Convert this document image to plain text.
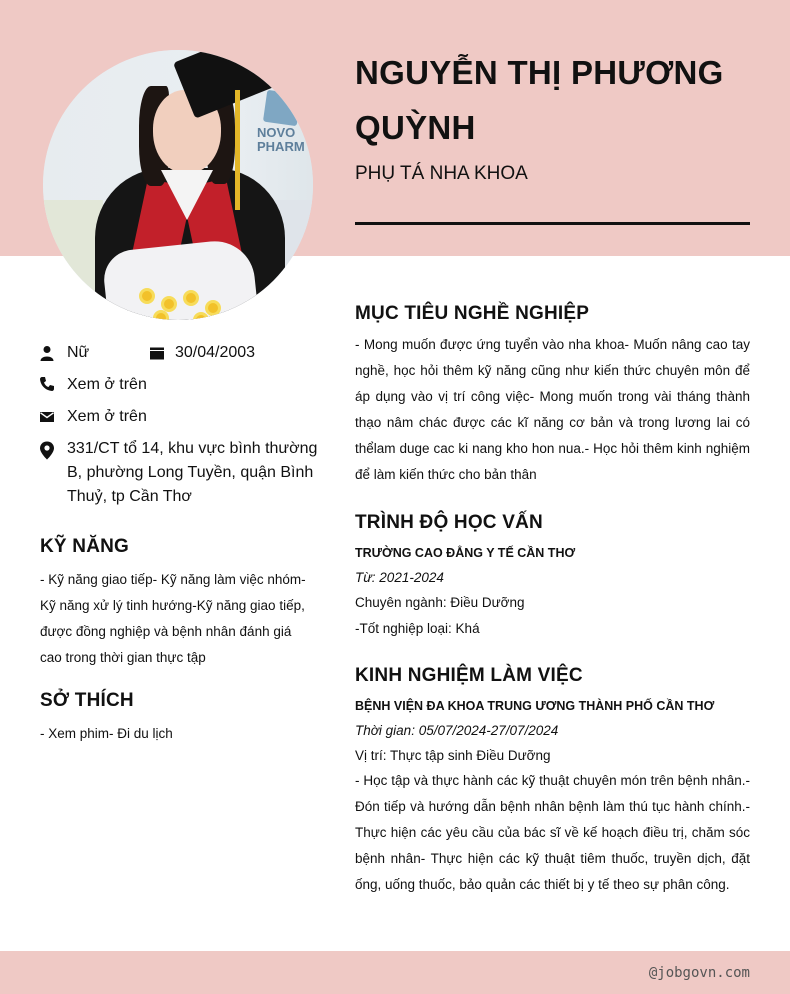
NOVO
PHARM
NGUYỄN THỊ PHƯƠNG
QUỲNH
PHỤ TÁ NHA KHOA
Nữ	30/04/2003
Xem ở trên
Xem ở trên
331/CT tổ 14, khu vực bình thường B, phường Long Tuyền, quận Bình Thuỷ, tp Cần Thơ
KỸ NĂNG
- Kỹ năng giao tiếp- Kỹ năng làm việc nhóm- Kỹ năng xử lý tinh hướng-Kỹ năng giao tiếp, được đồng nghiệp và bệnh nhân đánh giá cao trong thời gian thực tập
SỞ THÍCH
- Xem phim- Đi du lịch
MỤC TIÊU NGHỀ NGHIỆP
- Mong muốn được ứng tuyển vào nha khoa- Muốn nâng cao tay nghề, học hỏi thêm kỹ năng cũng như kiến thức chuyên môn để áp dụng vào vị trí công việc- Mong muốn trong vài tháng thành thạo nâm chác được các kĩ năng cơ bản và trong lương lai có thểlam duge cac ki nang kho hon nua.- Học hỏi thêm kinh nghiệm để làm kiến thức cho bản thân
TRÌNH ĐỘ HỌC VẤN
TRƯỜNG CAO ĐẲNG Y TẾ CẦN THƠ
Từ: 2021-2024
Chuyên ngành: Điều Dưỡng
-Tốt nghiệp loại: Khá
KINH NGHIỆM LÀM VIỆC
BỆNH VIỆN ĐA KHOA TRUNG ƯƠNG THÀNH PHỐ CẦN THƠ
Thời gian: 05/07/2024-27/07/2024
Vị trí: Thực tập sinh Điều Dưỡng
- Học tập và thực hành các kỹ thuật chuyên món trên bệnh nhân.- Đón tiếp và hướng dẫn bệnh nhân bệnh làm thú tục hành chính.- Thực hiện các yêu cầu của bác sĩ về kế hoạch điều trị, chăm sóc bệnh nhân- Thực hiện các kỹ thuật tiêm thuốc, truyền dịch, đặt ống, uống thuốc, bảo quản các thiết bị y tế theo sự phân công.
@jobgovn.com
